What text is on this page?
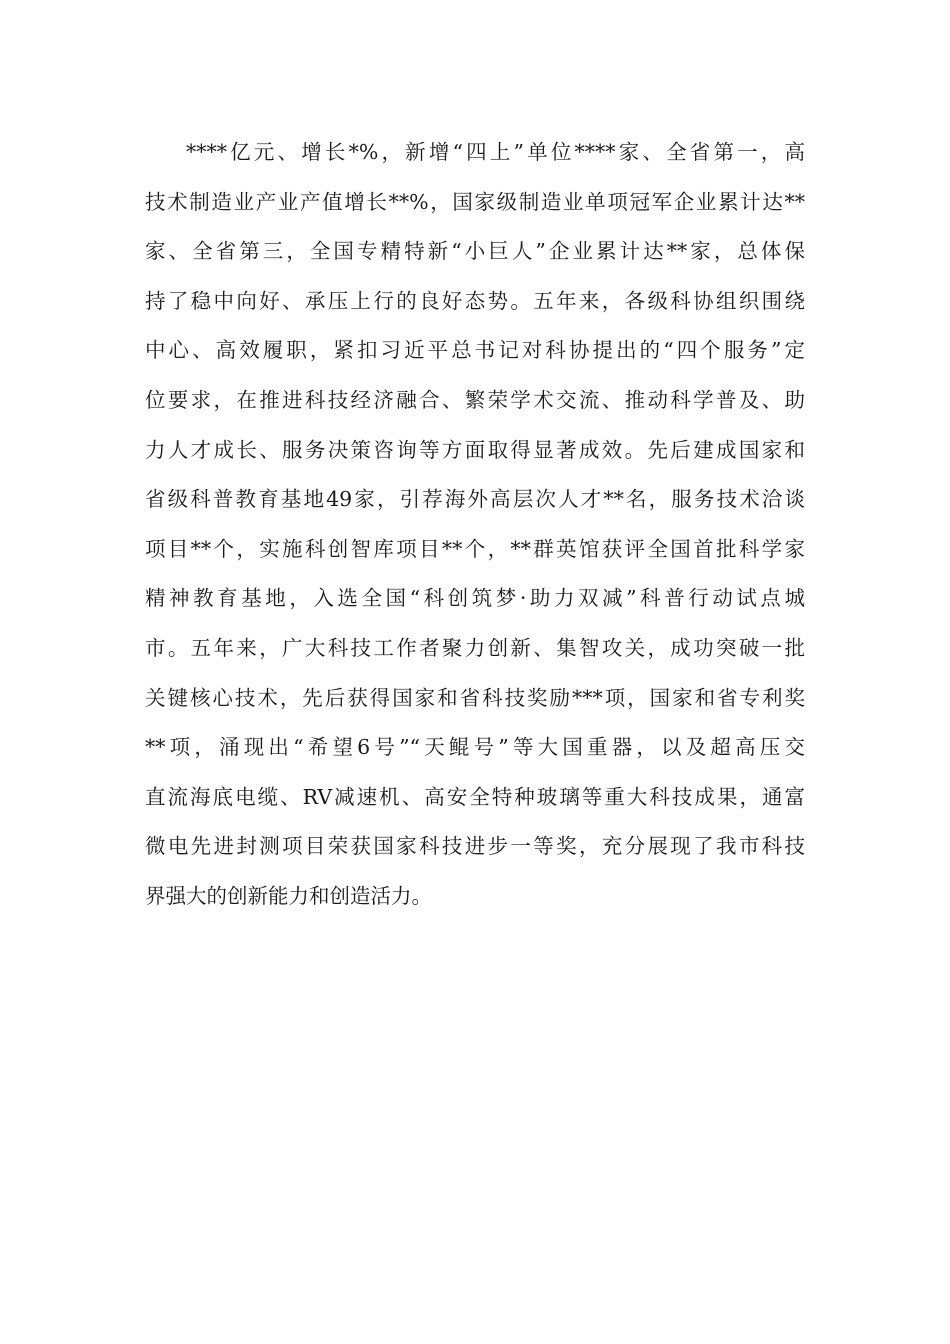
****亿元、增长*%，新增“四上”单位****家、全省第一，高
技术制造业产业产值增长**%，国家级制造业单项冠军企业累计达**
家、全省第三，全国专精特新“小巨人”企业累计达**家，总体保
持了稳中向好、承压上行的良好态势。五年来，各级科协组织围绕
中心、高效履职，紧扣习近平总书记对科协提出的“四个服务”定
位要求，在推进科技经济融合、繁荣学术交流、推动科学普及、助
力人才成长、服务决策咨询等方面取得显著成效。先后建成国家和
省级科普教育基地49家，引荐海外高层次人才**名，服务技术洽谈
项目**个，实施科创智库项目**个，**群英馆获评全国首批科学家
精神教育基地，入选全国“科创筑梦·助力双减”科普行动试点城
市。五年来，广大科技工作者聚力创新、集智攻关，成功突破一批
关键核心技术，先后获得国家和省科技奖励***项，国家和省专利奖
**项，涌现出“希望6号”“天鲲号”等大国重器，以及超高压交
直流海底电缆、RV减速机、高安全特种玻璃等重大科技成果，通富
微电先进封测项目荣获国家科技进步一等奖，充分展现了我市科技
界强大的创新能力和创造活力。
